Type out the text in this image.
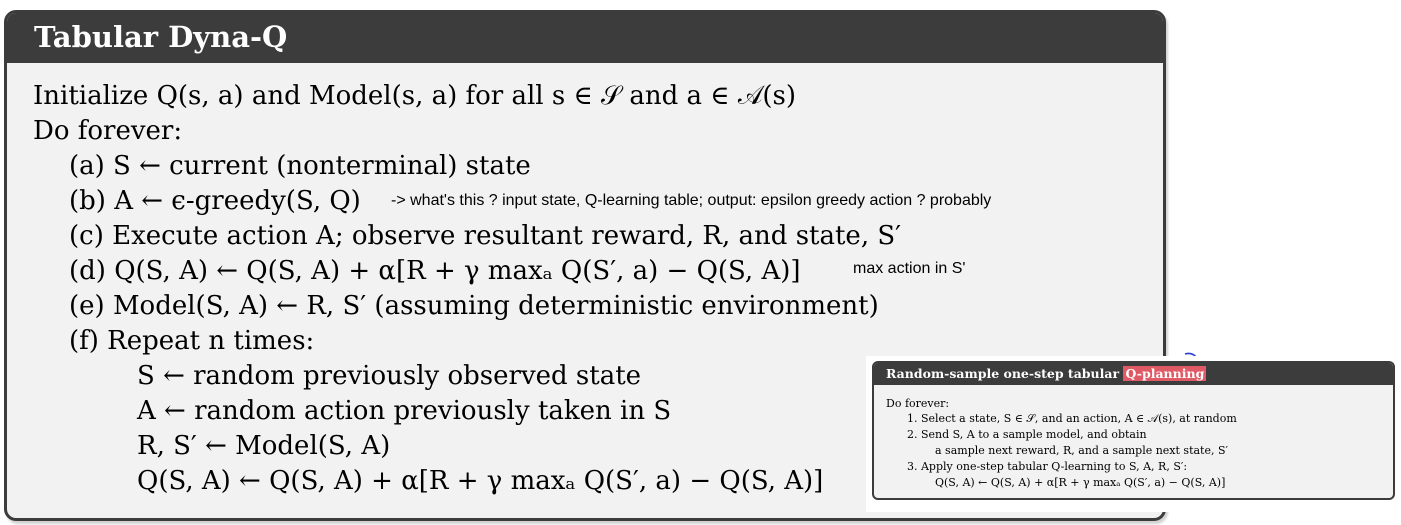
Tabular Dyna-Q
Initialize Q(s, a) and Model(s, a) for all s ∈ 𝒮 and a ∈ 𝒜(s)
Do forever:
(a) S ← current (nonterminal) state
(b) A ← ϵ-greedy(S, Q) -> what's this ? input state, Q-learning table; output: epsilon greedy action ? probably
(c) Execute action A; observe resultant reward, R, and state, S′
(d) Q(S, A) ← Q(S, A) + α[R + γ maxₐ Q(S′, a) − Q(S, A)]	max action in S'
(e) Model(S, A) ← R, S′ (assuming deterministic environment)
(f) Repeat n times:
S ← random previously observed state
A ← random action previously taken in S
R, S′ ← Model(S, A)
Q(S, A) ← Q(S, A) + α[R + γ maxₐ Q(S′, a) − Q(S, A)]
Random-sample one-step tabular Q-planning
Do forever:
1. Select a state, S ∈ 𝒮, and an action, A ∈ 𝒜(s), at random
2. Send S, A to a sample model, and obtain
a sample next reward, R, and a sample next state, S′
3. Apply one-step tabular Q-learning to S, A, R, S′:
Q(S, A) ← Q(S, A) + α[R + γ maxₐ Q(S′, a) − Q(S, A)]
